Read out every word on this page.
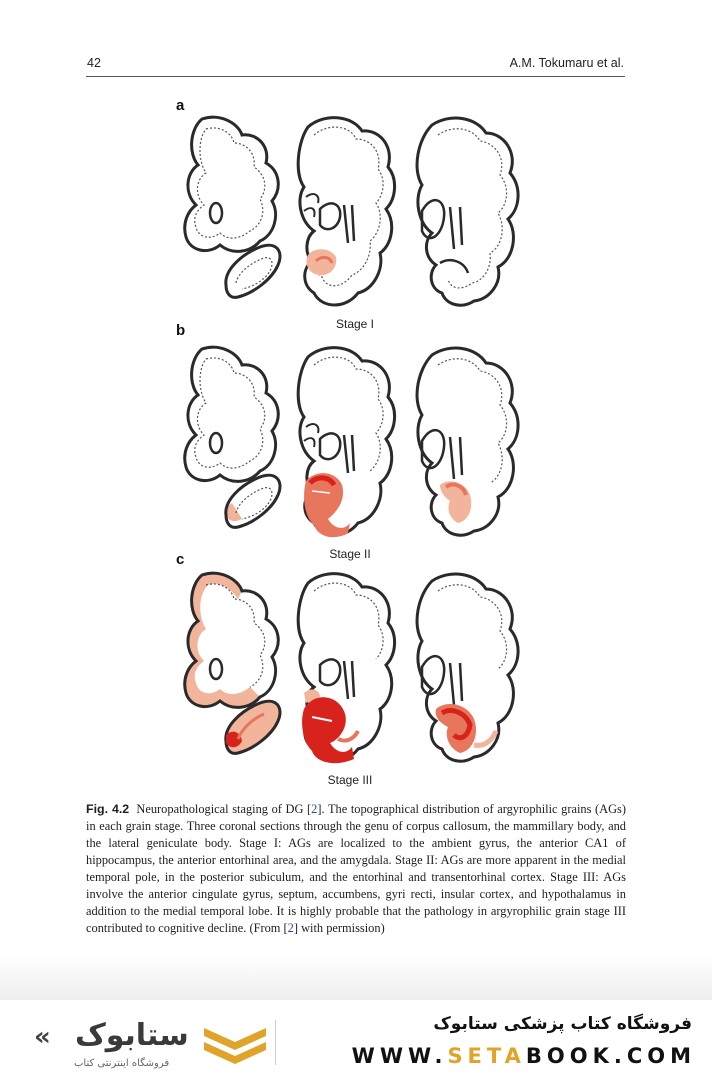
42	A.M. Tokumaru et al.
a
b
c
Stage I
Stage II
Stage III
Fig. 4.2 Neuropathological staging of DG [2]. The topographical distribution of argyrophilic grains (AGs) in each grain stage. Three coronal sections through the genu of corpus callosum, the mammillary body, and the lateral geniculate body. Stage I: AGs are localized to the ambient gyrus, the anterior CA1 of hippocampus, the anterior entorhinal area, and the amygdala. Stage II: AGs are more apparent in the medial temporal pole, in the posterior subiculum, and the entorhinal and transentorhinal cortex. Stage III: AGs involve the anterior cingulate gyrus, septum, accumbens, gyri recti, insular cortex, and hypothalamus in addition to the medial temporal lobe. It is highly probable that the pathology in argyrophilic grain stage III contributed to cognitive decline. (From [2] with permission)
« ستابوک
فروشگاه اینترنتی کتاب
فروشگاه کتاب پزشکی ستابوک
WWW.SETABOOK.COM
